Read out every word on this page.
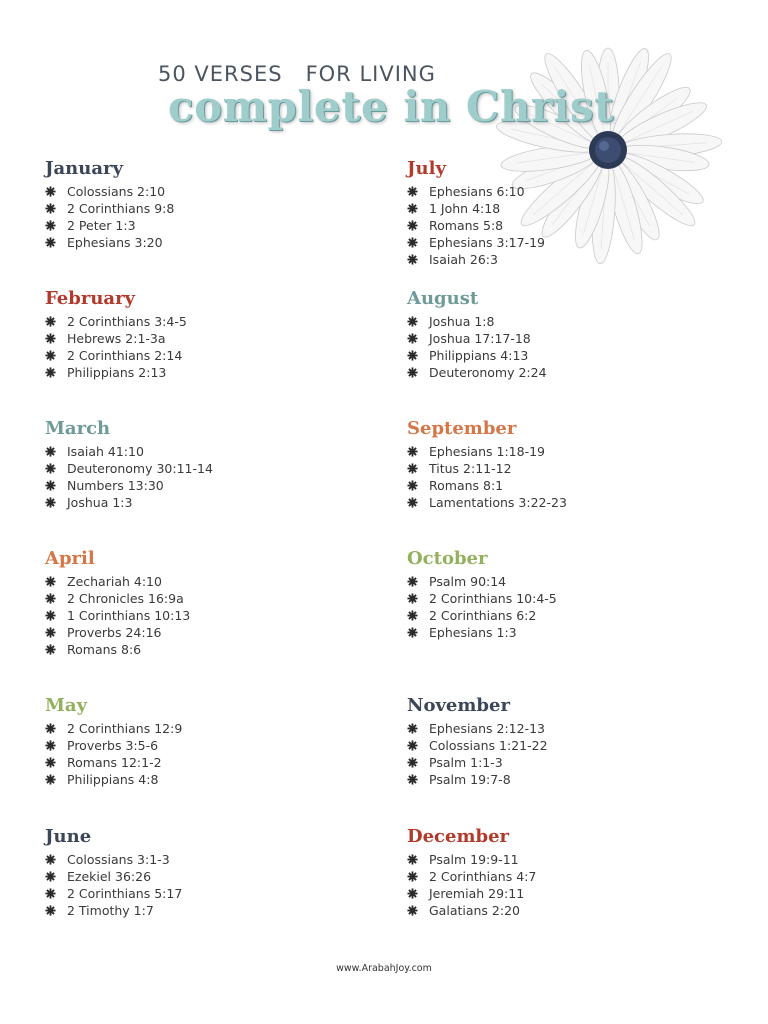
50 VERSES   FOR LIVING
complete in Christ
January
Colossians 2:10
2 Corinthians 9:8
2 Peter 1:3
Ephesians 3:20
February
2 Corinthians 3:4-5
Hebrews 2:1-3a
2 Corinthians 2:14
Philippians 2:13
March
Isaiah 41:10
Deuteronomy 30:11-14
Numbers 13:30
Joshua 1:3
April
Zechariah 4:10
2 Chronicles 16:9a
1 Corinthians 10:13
Proverbs 24:16
Romans 8:6
May
2 Corinthians 12:9
Proverbs 3:5-6
Romans 12:1-2
Philippians 4:8
June
Colossians 3:1-3
Ezekiel 36:26
2 Corinthians 5:17
2 Timothy 1:7
July
Ephesians 6:10
1 John 4:18
Romans 5:8
Ephesians 3:17-19
Isaiah 26:3
August
Joshua 1:8
Joshua 17:17-18
Philippians 4:13
Deuteronomy 2:24
September
Ephesians 1:18-19
Titus 2:11-12
Romans 8:1
Lamentations 3:22-23
October
Psalm 90:14
2 Corinthians 10:4-5
2 Corinthians 6:2
Ephesians 1:3
November
Ephesians 2:12-13
Colossians 1:21-22
Psalm 1:1-3
Psalm 19:7-8
December
Psalm 19:9-11
2 Corinthians 4:7
Jeremiah 29:11
Galatians 2:20
www.ArabahJoy.com
